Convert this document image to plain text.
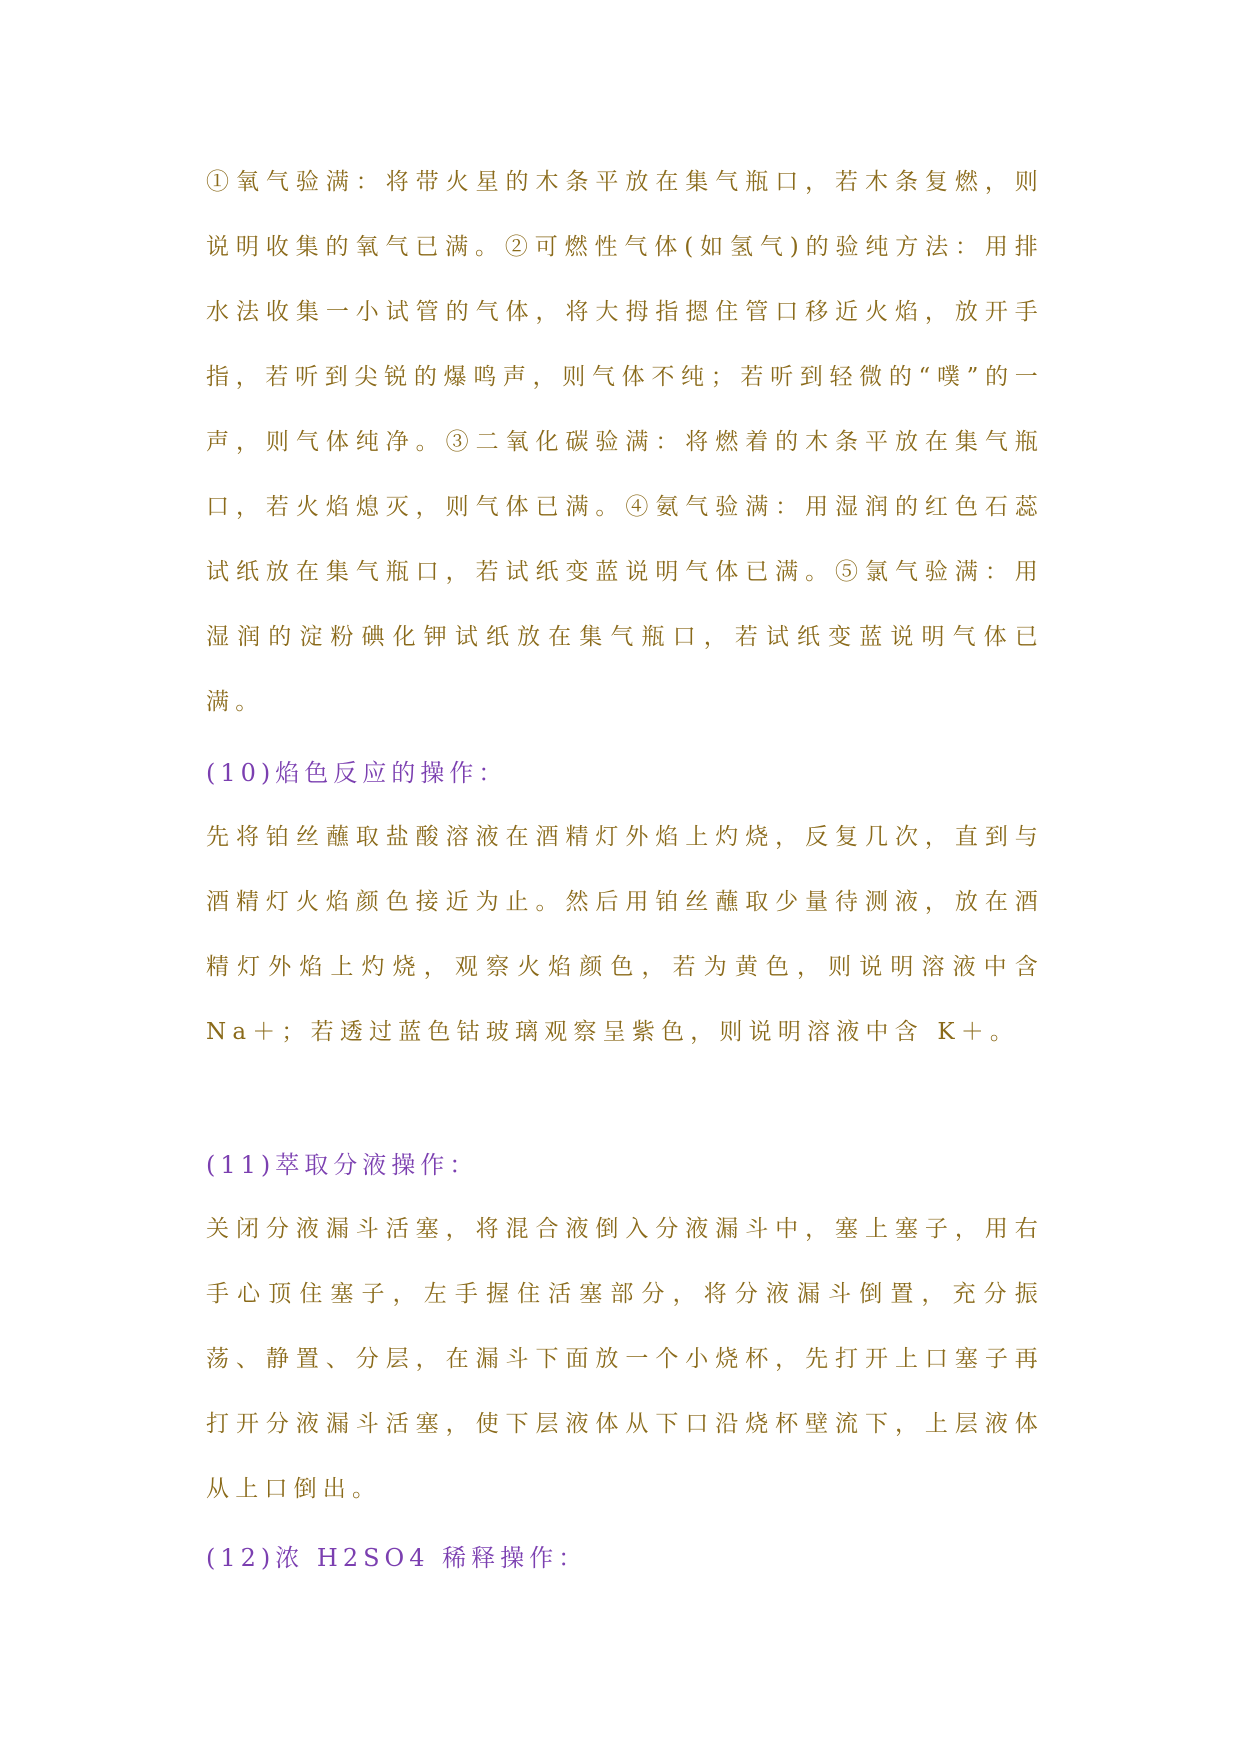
①氧气验满：将带火星的木条平放在集气瓶口，若木条复燃，则说明收集的氧气已满。②可燃性气体(如氢气)的验纯方法：用排水法收集一小试管的气体，将大拇指摁住管口移近火焰，放开手指，若听到尖锐的爆鸣声，则气体不纯；若听到轻微的“噗”的一声，则气体纯净。③二氧化碳验满：将燃着的木条平放在集气瓶口，若火焰熄灭，则气体已满。④氨气验满：用湿润的红色石蕊试纸放在集气瓶口，若试纸变蓝说明气体已满。⑤氯气验满：用湿润的淀粉碘化钾试纸放在集气瓶口，若试纸变蓝说明气体已满。

(10)焰色反应的操作：

先将铂丝蘸取盐酸溶液在酒精灯外焰上灼烧，反复几次，直到与酒精灯火焰颜色接近为止。然后用铂丝蘸取少量待测液，放在酒精灯外焰上灼烧，观察火焰颜色，若为黄色，则说明溶液中含 Na＋；若透过蓝色钴玻璃观察呈紫色，则说明溶液中含 K＋。

(11)萃取分液操作：

关闭分液漏斗活塞，将混合液倒入分液漏斗中，塞上塞子，用右手心顶住塞子，左手握住活塞部分，将分液漏斗倒置，充分振荡、静置、分层，在漏斗下面放一个小烧杯，先打开上口塞子再打开分液漏斗活塞，使下层液体从下口沿烧杯壁流下，上层液体从上口倒出。

(12)浓 H2SO4 稀释操作：
